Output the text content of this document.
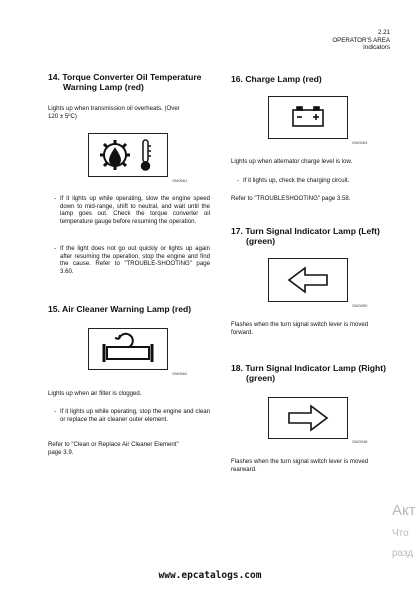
2.21
OPERATOR'S AREA
Indicators
14. Torque Converter Oil Temperature
Warning Lamp (red)

Lights up when transmission oil overheats. (Over

120 ± 5ºC)

OM0061
- If it lights up while operating, slow the engine speed down to mid-range, shift to neutral, and wait until the lamp goes out. Check the torque converter oil temperature gauge before resuming the operation.
- If the light does not go out quickly or lights up again after resuming the operation, stop the engine and find the cause. Refer to "TROUBLE-SHOOTING" page 3.60.
15. Air Cleaner Warning Lamp (red)
OM0062

Lights up when air filter is clogged.

- If it lights up while operating, stop the engine and clean or replace the air cleaner outer element.

Refer to "Clean or Replace Air Cleaner Element"

page 3.9.

16. Charge Lamp (red)
OM0063

Lights up when alternator charge level is low.

- If it lights up, check the charging circuit.

Refer to "TROUBLESHOOTING" page 3.58.

17. Turn Signal Indicator Lamp (Left)
(green)
OM0050

Flashes when the turn signal switch lever is moved

forward.

18. Turn Signal Indicator Lamp (Right)
(green)
OM0048

Flashes when the turn signal switch lever is moved

rearward.

Акт
Что
разд
www.epcatalogs.com
